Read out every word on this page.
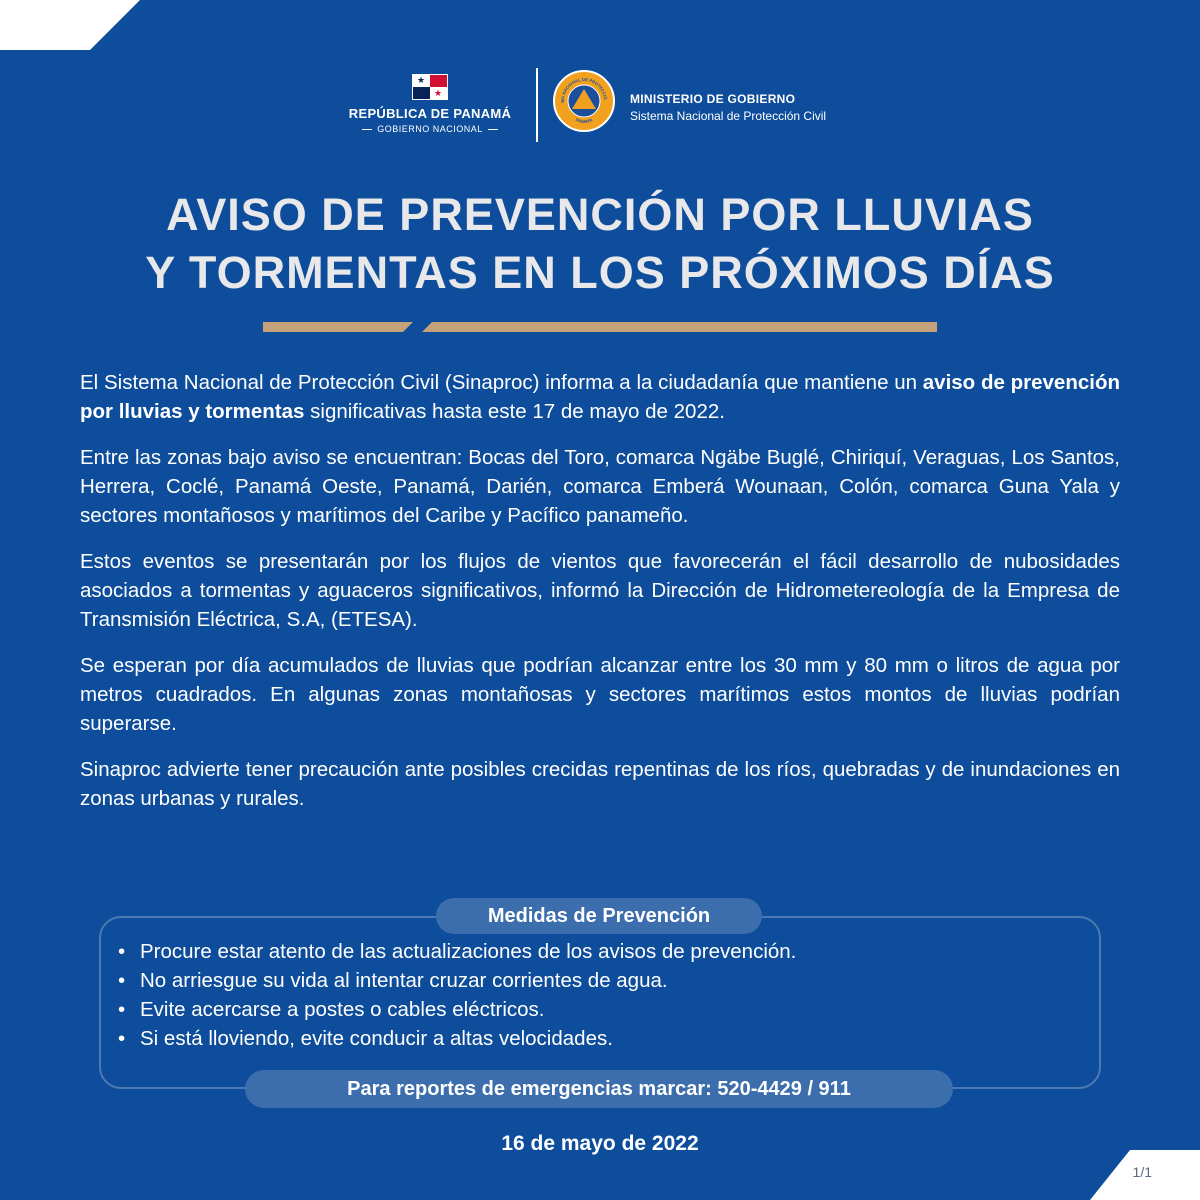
★
★
REPÚBLICA DE PANAMÁ
GOBIERNO NACIONAL
MA NACIONAL DE PROTECCIÓ
PANAMÁ
MINISTERIO DE GOBIERNO
Sistema Nacional de Protección Civil
AVISO DE PREVENCIÓN POR LLUVIAS
Y TORMENTAS EN LOS PRÓXIMOS DÍAS

El Sistema Nacional de Protección Civil (Sinaproc) informa a la ciudadanía que mantiene un aviso de prevención por lluvias y tormentas significativas hasta este 17 de mayo de 2022.

Entre las zonas bajo aviso se encuentran: Bocas del Toro, comarca Ngäbe Buglé, Chiriquí, Veraguas, Los Santos, Herrera, Coclé, Panamá Oeste, Panamá, Darién, comarca Emberá Wounaan, Colón, comarca Guna Yala y sectores montañosos y marítimos del Caribe y Pacífico panameño.

Estos eventos se presentarán por los flujos de vientos que favorecerán el fácil desarrollo de nubosidades asociados a tormentas y aguaceros significativos, informó la Dirección de Hidrometereología de la Empresa de Transmisión Eléctrica, S.A, (ETESA).

Se esperan por día acumulados de lluvias que podrían alcanzar entre los 30 mm y 80 mm o litros de agua por metros cuadrados. En algunas zonas montañosas y sectores marítimos estos montos de lluvias podrían superarse.

Sinaproc advierte tener precaución ante posibles crecidas repentinas de los ríos, quebradas y de inundaciones en zonas urbanas y rurales.

Medidas de Prevención
• Procure estar atento de las actualizaciones de los avisos de prevención.
• No arriesgue su vida al intentar cruzar corrientes de agua.
• Evite acercarse a postes o cables eléctricos.
• Si está lloviendo, evite conducir a altas velocidades.
Para reportes de emergencias marcar: 520-4429 / 911
16 de mayo de 2022
1/1
